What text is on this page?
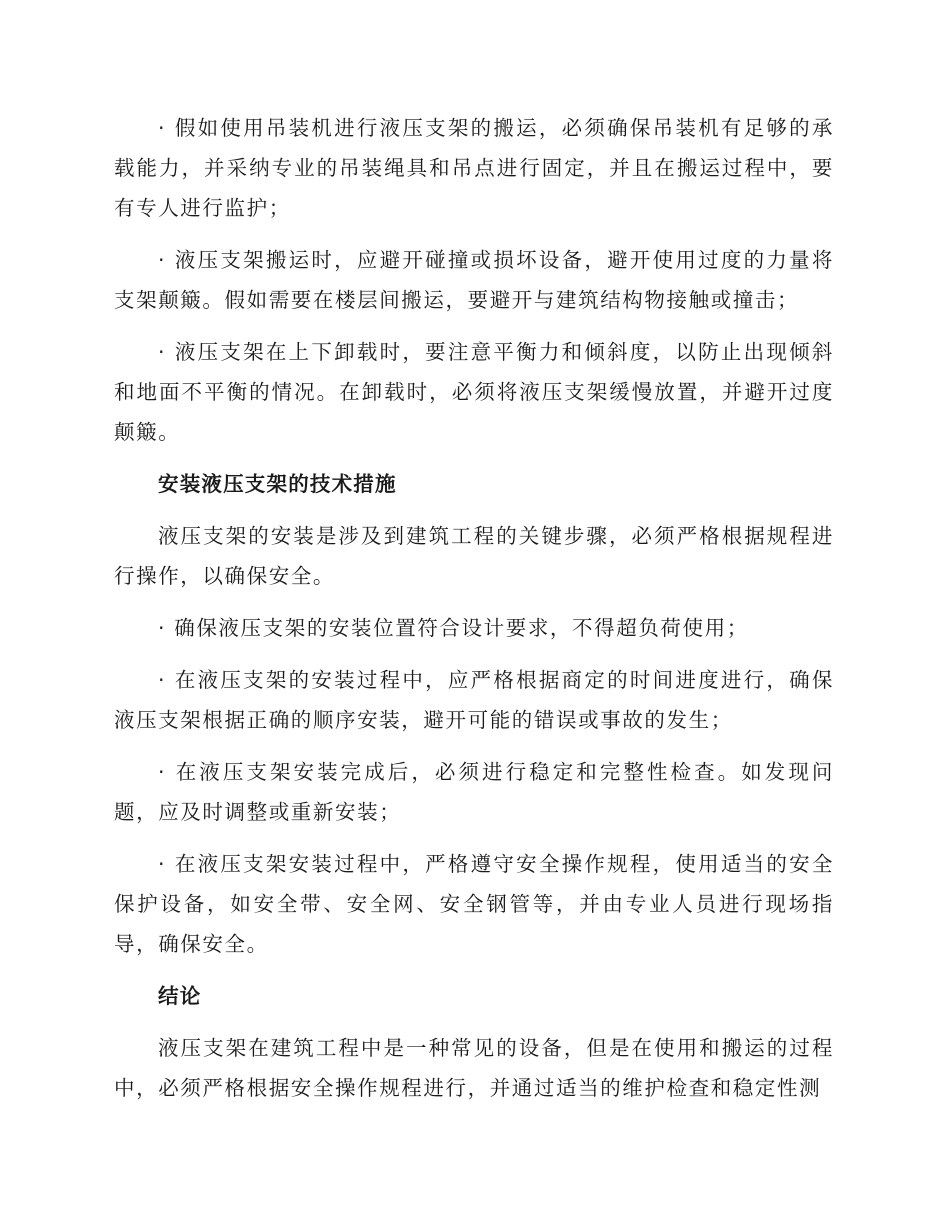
· 假如使用吊装机进行液压支架的搬运，必须确保吊装机有足够的承载能力，并采纳专业的吊装绳具和吊点进行固定，并且在搬运过程中，要有专人进行监护；

· 液压支架搬运时，应避开碰撞或损坏设备，避开使用过度的力量将支架颠簸。假如需要在楼层间搬运，要避开与建筑结构物接触或撞击；

· 液压支架在上下卸载时，要注意平衡力和倾斜度，以防止出现倾斜和地面不平衡的情况。在卸载时，必须将液压支架缓慢放置，并避开过度颠簸。

安装液压支架的技术措施

液压支架的安装是涉及到建筑工程的关键步骤，必须严格根据规程进行操作，以确保安全。

· 确保液压支架的安装位置符合设计要求，不得超负荷使用；

· 在液压支架的安装过程中，应严格根据商定的时间进度进行，确保液压支架根据正确的顺序安装，避开可能的错误或事故的发生；

· 在液压支架安装完成后，必须进行稳定和完整性检查。如发现问题，应及时调整或重新安装；

· 在液压支架安装过程中，严格遵守安全操作规程，使用适当的安全保护设备，如安全带、安全网、安全钢管等，并由专业人员进行现场指导，确保安全。

结论

液压支架在建筑工程中是一种常见的设备，但是在使用和搬运的过程中，必须严格根据安全操作规程进行，并通过适当的维护检查和稳定性测
